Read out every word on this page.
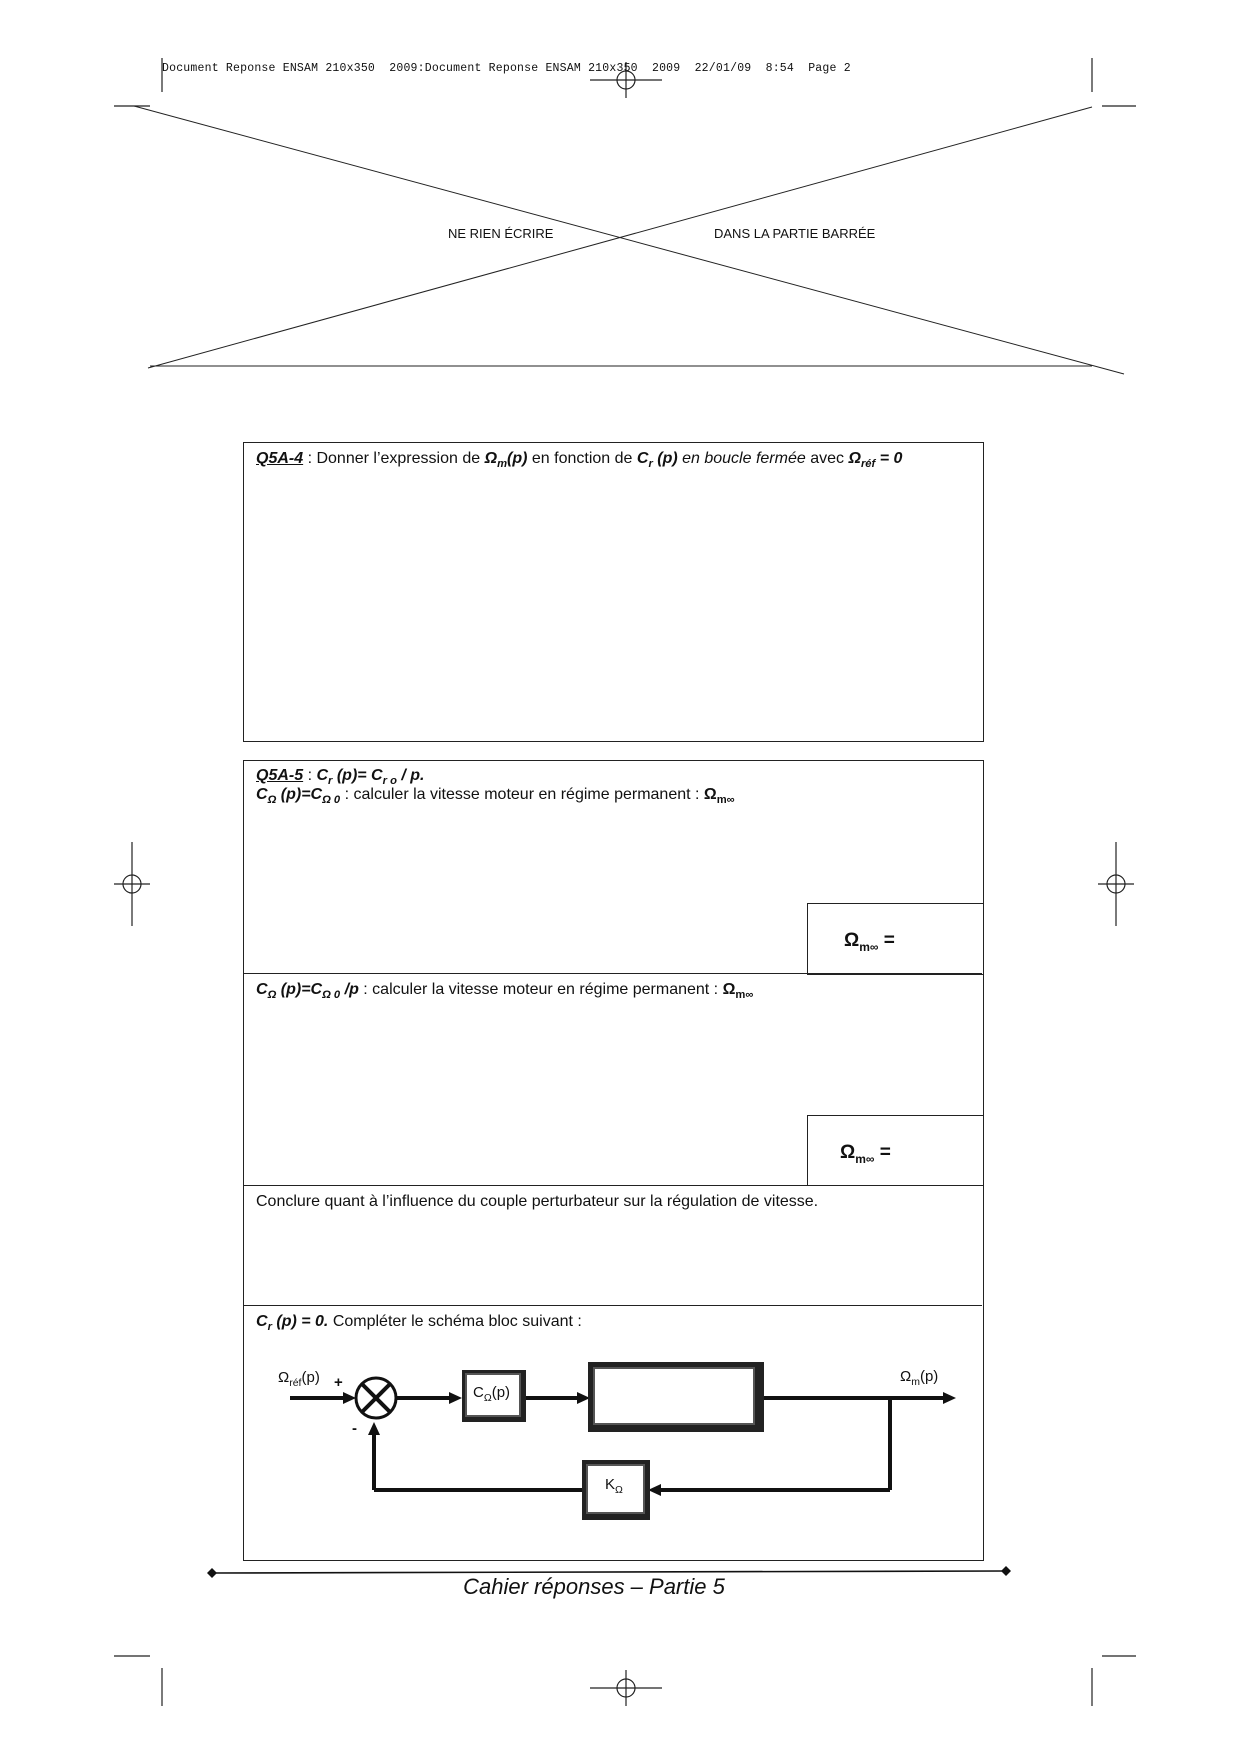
Document Reponse ENSAM 210x350  2009:Document Reponse ENSAM 210x350  2009  22/01/09  8:54  Page 2
NE RIEN ÉCRIRE	DANS LA PARTIE BARRÉE
Q5A-4 : Donner l’expression de $\Omega_m(p)$ en fonction de $C_r$ (p) en boucle fermée avec $\Omega_{réf} = 0$
Q5A-5 : $C_r$ $(p)= C_{r o} / p$.
$C_\Omega$ $(p)=C_{\Omega 0}$ : calculer la vitesse moteur en régime permanent : $\Omega_{m\infty}$
$\Omega_{m\infty}$ =
$C_\Omega$ $(p)=C_{\Omega 0}$ /p : calculer la vitesse moteur en régime permanent : $\Omega_{m\infty}$
$\Omega_{m\infty}$ =
Conclure quant à l’influence du couple perturbateur sur la régulation de vitesse.
$C_r$ (p) = 0. Compléter le schéma bloc suivant :
$\Omega_{réf}(p)$ +
-
$C_\Omega(p)$
$K_\Omega$
$\Omega_m(p)$
Cahier réponses – Partie 5
